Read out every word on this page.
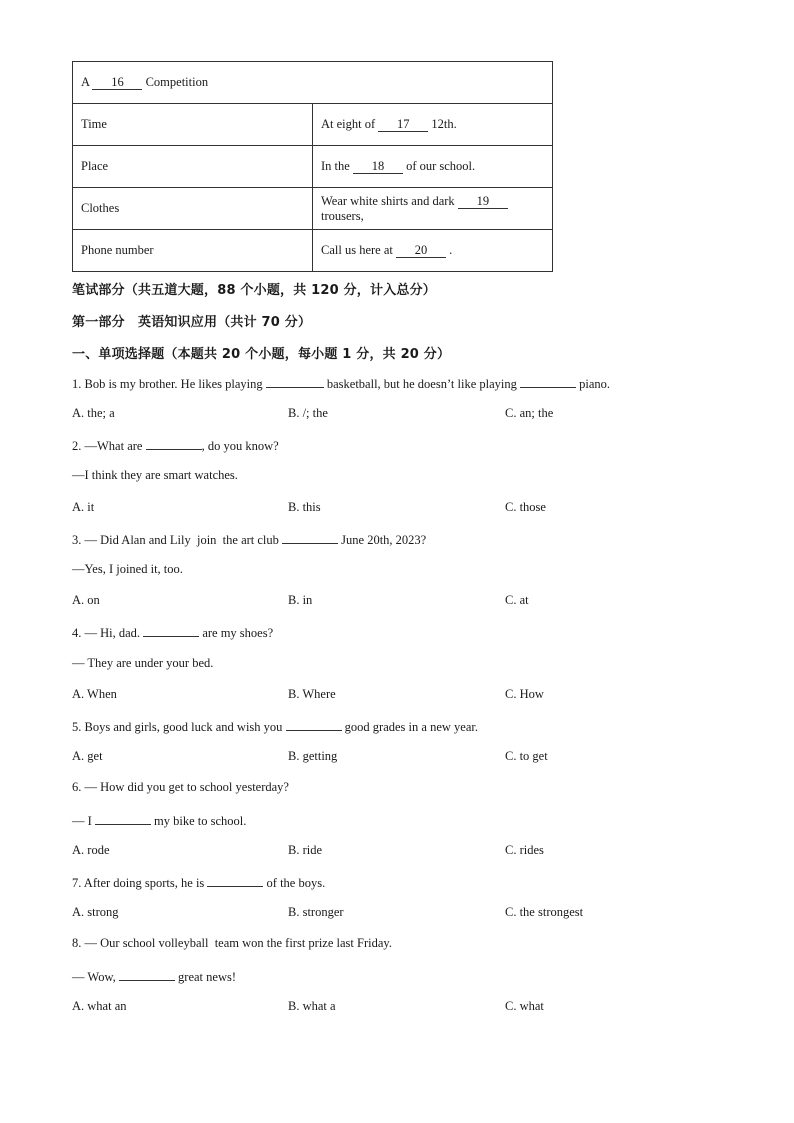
A 16 Competition	
Time	At eight of 17 12th.
Place	In the 18 of our school.
Clothes	Wear white shirts and dark 19 trousers,
Phone number	Call us here at 20 .
笔试部分（共五道大题，88 个小题，共 120 分，计入总分）
第一部分　英语知识应用（共计 70 分）
一、单项选择题（本题共 20 个小题，每小题 1 分，共 20 分）
1. Bob is my brother. He likes playing	basketball, but he doesn’t like playing	piano.
A. the; a	B. /; the	C. an; the
2. —What are	, do you know?
—I think they are smart watches.
A. it	B. this	C. those
3. — Did Alan and Lily  join  the art club	June 20th, 2023?
—Yes, I joined it, too.
A. on	B. in	C. at
4. — Hi, dad.	are my shoes?
— They are under your bed.
A. When	B. Where	C. How
5. Boys and girls, good luck and wish you	good grades in a new year.
A. get	B. getting	C. to get
6. — How did you get to school yesterday?
— I	my bike to school.
A. rode	B. ride	C. rides
7. After doing sports, he is	of the boys.
A. strong	B. stronger	C. the strongest
8. — Our school volleyball  team won the first prize last Friday.
— Wow,	great news!
A. what an	B. what a	C. what
